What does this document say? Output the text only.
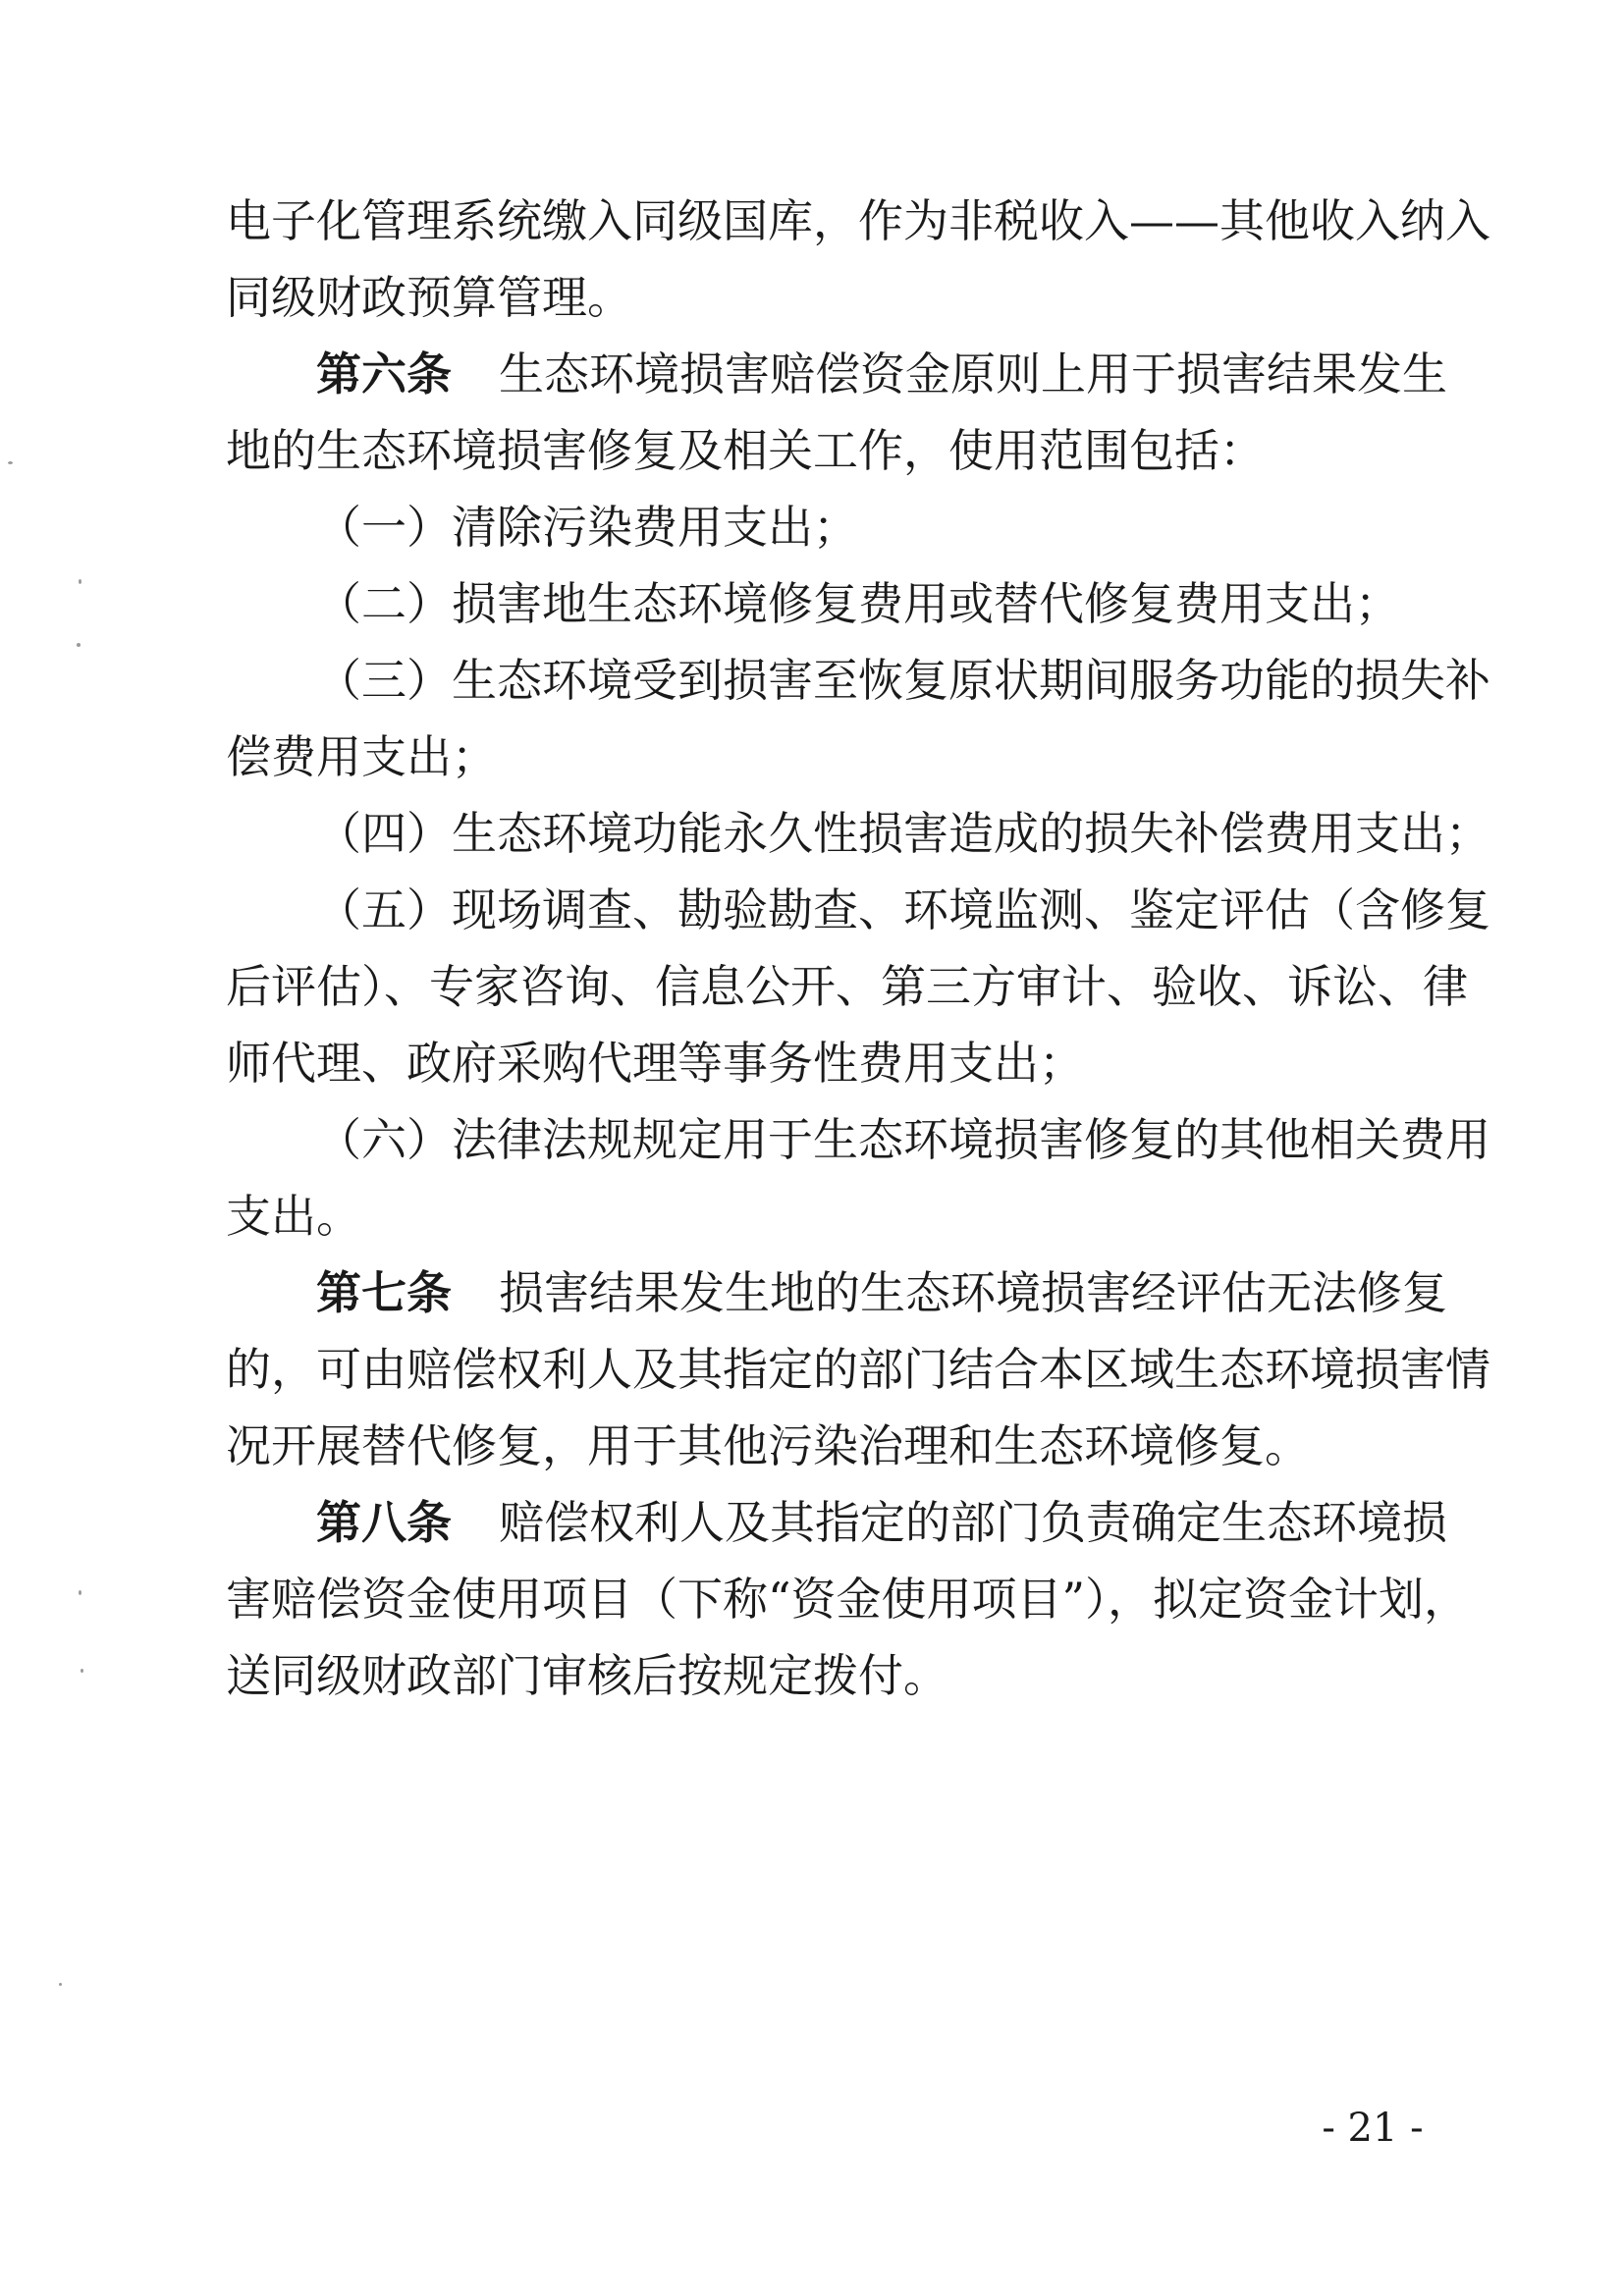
电子化管理系统缴入同级国库，作为非税收入——其他收入纳入
同级财政预算管理。
第六条 生态环境损害赔偿资金原则上用于损害结果发生
地的生态环境损害修复及相关工作，使用范围包括：
（一）清除污染费用支出；
（二）损害地生态环境修复费用或替代修复费用支出；
（三）生态环境受到损害至恢复原状期间服务功能的损失补
偿费用支出；
（四）生态环境功能永久性损害造成的损失补偿费用支出；
（五）现场调查、勘验勘查、环境监测、鉴定评估（含修复
后评估）、专家咨询、信息公开、第三方审计、验收、诉讼、律
师代理、政府采购代理等事务性费用支出；
（六）法律法规规定用于生态环境损害修复的其他相关费用
支出。
第七条 损害结果发生地的生态环境损害经评估无法修复
的，可由赔偿权利人及其指定的部门结合本区域生态环境损害情
况开展替代修复，用于其他污染治理和生态环境修复。
第八条 赔偿权利人及其指定的部门负责确定生态环境损
害赔偿资金使用项目（下称“资金使用项目”），拟定资金计划，
送同级财政部门审核后按规定拨付。
- 21 -
